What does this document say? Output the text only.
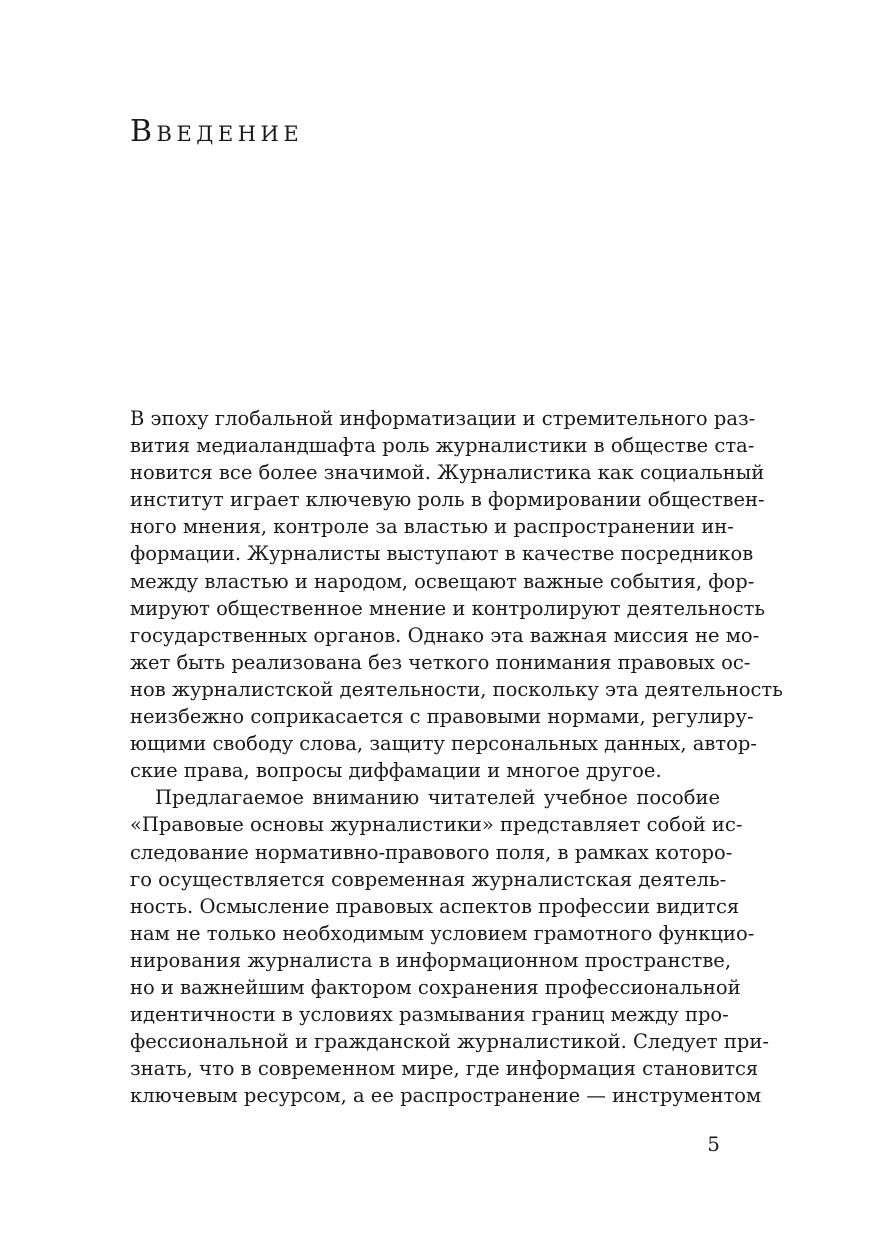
Введение
В эпоху глобальной информатизации и стремительного раз-
вития медиаландшафта роль журналистики в обществе ста-
новится все более значимой. Журналистика как социальный
институт играет ключевую роль в формировании обществен-
ного мнения, контроле за властью и распространении ин-
формации. Журналисты выступают в качестве посредников
между властью и народом, освещают важные события, фор-
мируют общественное мнение и контролируют деятельность
государственных органов. Однако эта важная миссия не мо-
жет быть реализована без четкого понимания правовых ос-
нов журналистской деятельности, поскольку эта деятельность
неизбежно соприкасается с правовыми нормами, регулиру-
ющими свободу слова, защиту персональных данных, автор-
ские права, вопросы диффамации и многое другое.
Предлагаемое вниманию читателей учебное пособие
«Правовые основы журналистики» представляет собой ис-
следование нормативно-правового поля, в рамках которо-
го осуществляется современная журналистская деятель-
ность. Осмысление правовых аспектов профессии видится
нам не только необходимым условием грамотного функцио-
нирования журналиста в информационном пространстве,
но и важнейшим фактором сохранения профессиональной
идентичности в условиях размывания границ между про-
фессиональной и гражданской журналистикой. Следует при-
знать, что в современном мире, где информация становится
ключевым ресурсом, а ее распространение — инструментом
5
